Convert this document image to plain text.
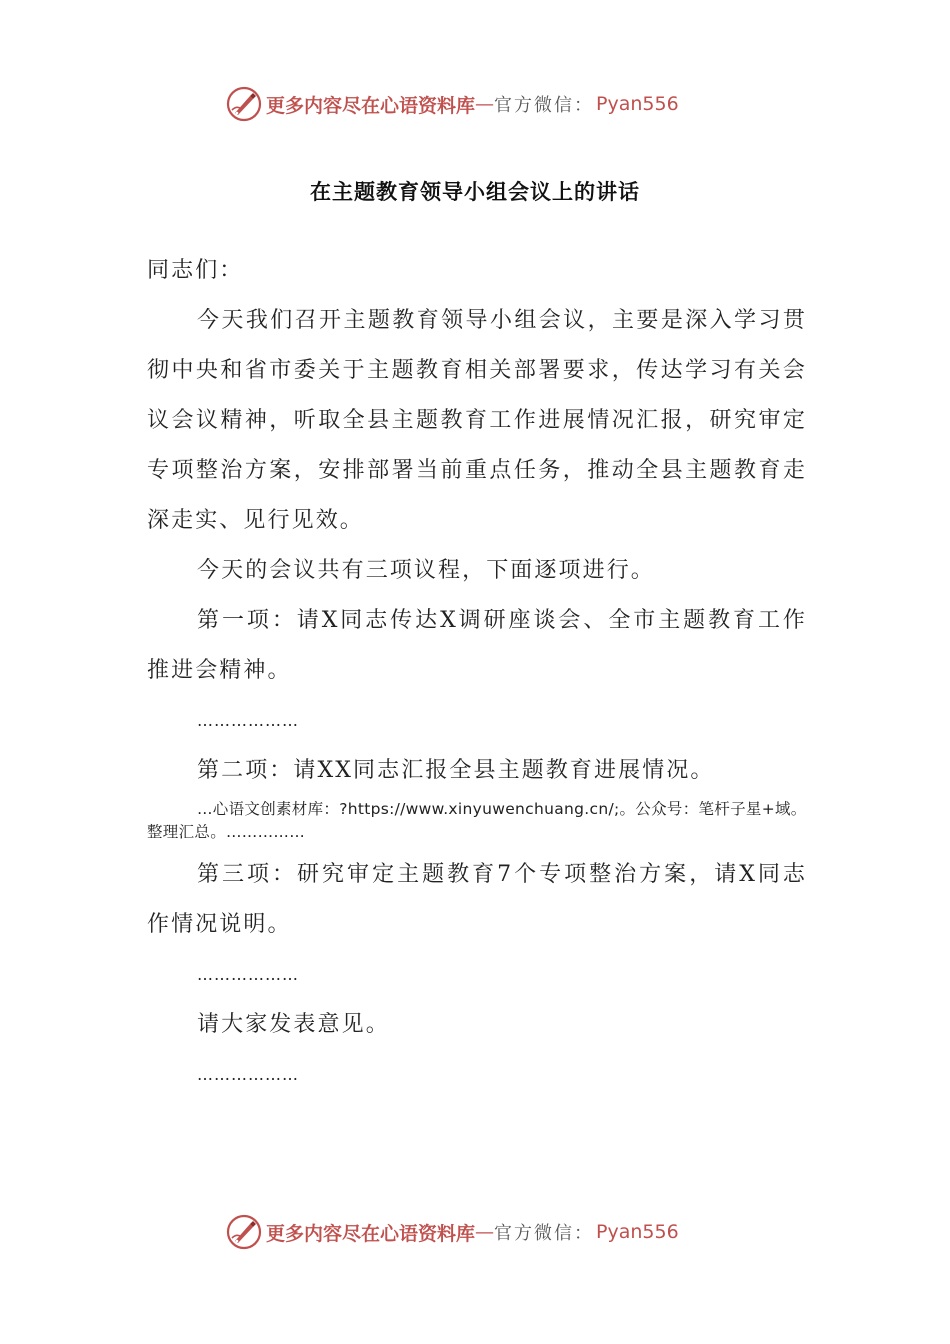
更多内容尽在心语资料库 — 官方微信： Pyan556
在主题教育领导小组会议上的讲话

同志们：

今天我们召开主题教育领导小组会议，主要是深入学习贯彻中央和省市委关于主题教育相关部署要求，传达学习有关会议会议精神，听取全县主题教育工作进展情况汇报，研究审定专项整治方案，安排部署当前重点任务，推动全县主题教育走深走实、见行见效。

今天的会议共有三项议程，下面逐项进行。

第一项：请X同志传达X调研座谈会、全市主题教育工作推进会精神。

………………

第二项：请XX同志汇报全县主题教育进展情况。

…心语文创素材库：?https://www.xinyuwenchuang.cn/;。公众号：笔杆子星+域。整理汇总。……………

第三项：研究审定主题教育7个专项整治方案，请X同志作情况说明。

………………

请大家发表意见。

………………

更多内容尽在心语资料库 — 官方微信： Pyan556
